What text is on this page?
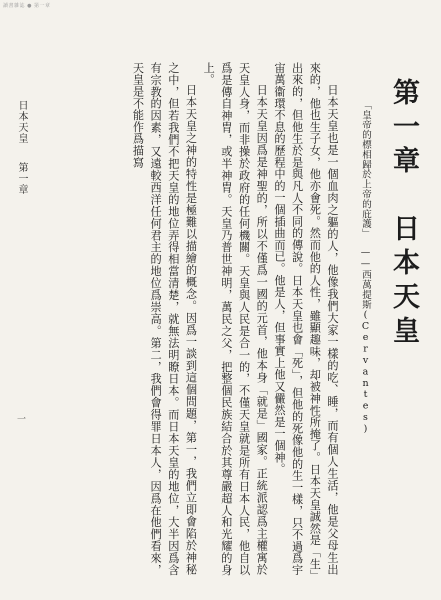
讀書雜誌 ● 第一章
第一章　日本天皇
「皇帝的標相歸於上帝的庇護」——西萬提斯(Cervantes)

日本天皇也是一個血肉之軀的人，他像我們大家一樣的吃、睡，而有個人生活，他是父母生出來的，他也生子女，他亦會死。然而他的人性，雖顯趣味，却被神性所掩了。日本天皇誠然是「生」出來的，但他生於是與凡人不同的傳說。日本天皇也會「死」，但他的死像他的生一樣，只不過爲宇宙萬衞環不息的歷程中的一個插曲而已。他是人，但事實上他又儼然是一個神。

日本天皇因爲是神聖的，所以不僅爲一國的元首，他本身「就是」國家。正統派認爲主權寓於天皇人身，而非操於政府的任何機關。天皇與人民是合一的，不僅天皇就是所有日本人民，他自以爲是傳自神胄，或半神胄。天皇乃普世神明，萬民之父，把整個民族結合於其尊嚴超人和光耀的身上。

日本天皇之神的特性是極難以描繪的概念。因爲一談到這個問題，第一，我們立即會陷於神秘之中，但若我們不把天皇的地位弄得相當清楚，就無法明瞭日本。而日本天皇的地位，大半因爲含有宗教的因素，又遠較西洋任何君主的地位爲崇高。第二，我們會得罪日本人，因爲在他們看來，天皇是不能作爲描寫

第一章
日本天皇
一
